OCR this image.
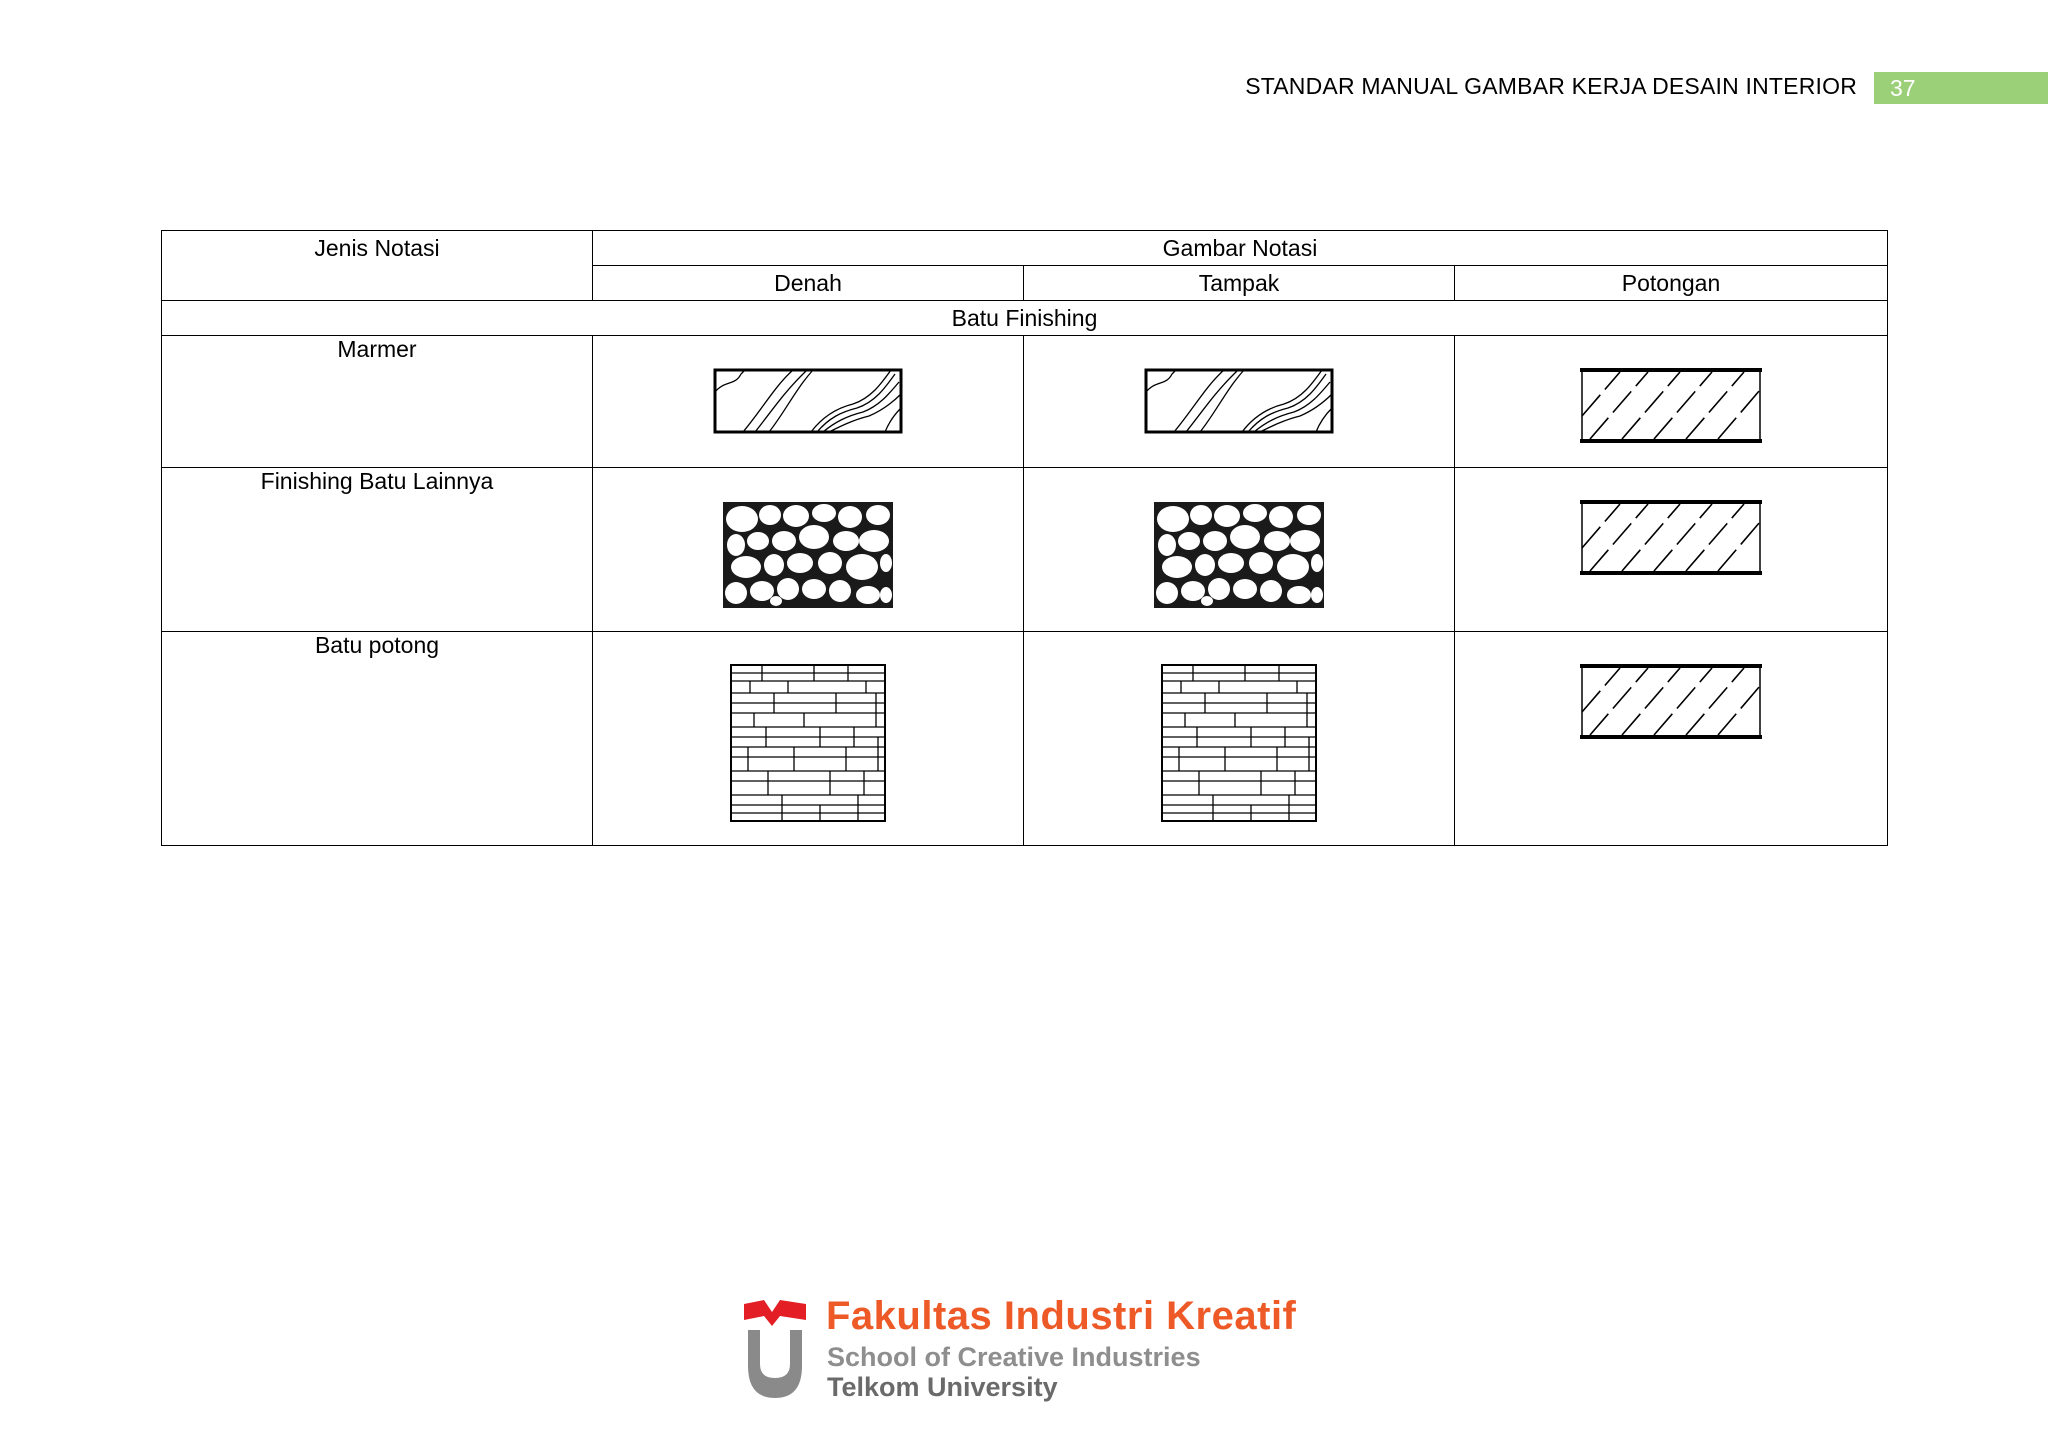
STANDAR MANUAL GAMBAR KERJA DESAIN INTERIOR	37
Jenis Notasi	Gambar Notasi		
	Denah	Tampak	Potongan
Batu Finishing			
Marmer	

Finishing Batu Lainnya	

Batu potong	

Fakultas Industri Kreatif
School of Creative Industries
Telkom University
